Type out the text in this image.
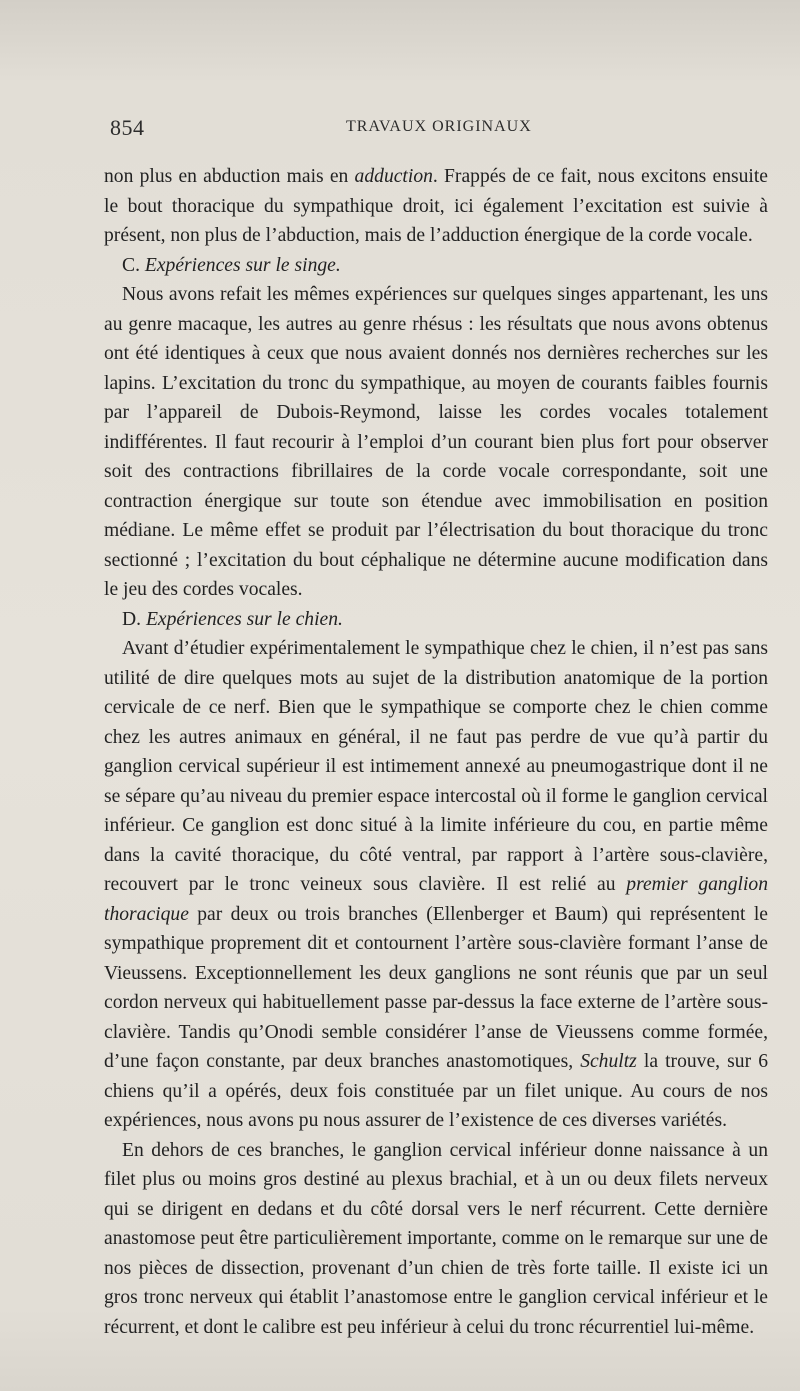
854	TRAVAUX ORIGINAUX

non plus en abduction mais en adduction. Frappés de ce fait, nous excitons ensuite le bout thoracique du sympathique droit, ici également l’excitation est suivie à présent, non plus de l’abduction, mais de l’adduction énergique de la corde vocale.

C. Expériences sur le singe.

Nous avons refait les mêmes expériences sur quelques singes appartenant, les uns au genre macaque, les autres au genre rhésus : les résultats que nous avons obtenus ont été identiques à ceux que nous avaient donnés nos dernières recherches sur les lapins. L’excitation du tronc du sympathique, au moyen de courants faibles fournis par l’appareil de Dubois-Reymond, laisse les cordes vocales totalement indifférentes. Il faut recourir à l’emploi d’un courant bien plus fort pour observer soit des contractions fibrillaires de la corde vocale correspondante, soit une contraction énergique sur toute son étendue avec immobilisation en position médiane. Le même effet se produit par l’électrisation du bout thoracique du tronc sectionné ; l’excitation du bout céphalique ne détermine aucune modification dans le jeu des cordes vocales.

D. Expériences sur le chien.

Avant d’étudier expérimentalement le sympathique chez le chien, il n’est pas sans utilité de dire quelques mots au sujet de la distribution anatomique de la portion cervicale de ce nerf. Bien que le sympathique se comporte chez le chien comme chez les autres animaux en général, il ne faut pas perdre de vue qu’à partir du ganglion cervical supérieur il est intimement annexé au pneumogastrique dont il ne se sépare qu’au niveau du premier espace intercostal où il forme le ganglion cervical inférieur. Ce ganglion est donc situé à la limite inférieure du cou, en partie même dans la cavité thoracique, du côté ventral, par rapport à l’artère sous-clavière, recouvert par le tronc veineux sous clavière. Il est relié au premier ganglion thoracique par deux ou trois branches (Ellenberger et Baum) qui représentent le sympathique proprement dit et contournent l’artère sous-clavière formant l’anse de Vieussens. Exceptionnellement les deux ganglions ne sont réunis que par un seul cordon nerveux qui habituellement passe par-dessus la face externe de l’artère sous-clavière. Tandis qu’Onodi semble considérer l’anse de Vieussens comme formée, d’une façon constante, par deux branches anastomotiques, Schultz la trouve, sur 6 chiens qu’il a opérés, deux fois constituée par un filet unique. Au cours de nos expériences, nous avons pu nous assurer de l’existence de ces diverses variétés.

En dehors de ces branches, le ganglion cervical inférieur donne naissance à un filet plus ou moins gros destiné au plexus brachial, et à un ou deux filets nerveux qui se dirigent en dedans et du côté dorsal vers le nerf récurrent. Cette dernière anastomose peut être particulièrement importante, comme on le remarque sur une de nos pièces de dissection, provenant d’un chien de très forte taille. Il existe ici un gros tronc nerveux qui établit l’anastomose entre le ganglion cervical inférieur et le récurrent, et dont le calibre est peu inférieur à celui du tronc récurrentiel lui-même.
